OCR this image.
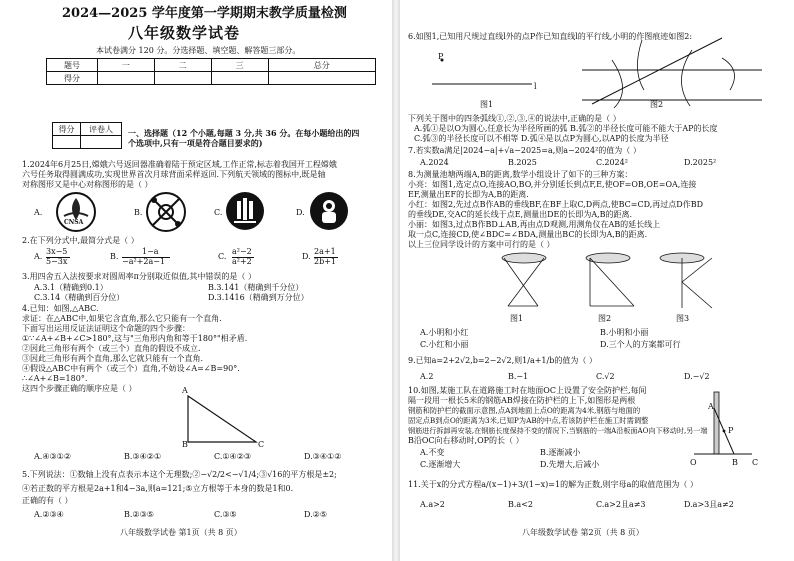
2024—2025 学年度第一学期期末教学质量检测
八年级数学试卷
本试卷满分 120 分。分选择题、填空题、解答题三部分。
题号	一	二	三	总分
得分				
得分	评卷人
	一、选择题（12 个小题,每题 3 分,共 36 分。在每小题给出的四
个选项中,只有一项是符合题目要求的)
1.2024年6月25日,嫦娥六号返回器准确着陆于预定区域,工作正常,标志着我国开工程嫦娥
六号任务取得圆满成功,实现世界首次月球背面采样返回.下列航天领域的图标中,既是轴
对称图形又是中心对称图形的是（ ）
A.
CNSA
B.	C.	D.
2.在下列分式中,最简分式是（ ）
A.
3x−5
5−3x
B.
1−a
−a²+2a−1
C.
a²−2
a²+2
D.
2a+1
2b+1
3.用四舍五入法按要求对圆周率π分别取近似值,其中错误的是（ ）
A.3.1（精确到0.1）	B.3.141（精确到千分位）
C.3.14（精确到百分位）	D.3.1416（精确到万分位）
4.已知：如图,△ABC.
求证：在△ABC中,如果它含直角,那么它只能有一个直角.
下面写出运用反证法证明这个命题的四个步骤：
①∵∠A+∠B+∠C>180°,这与"三角形内角和等于180°"相矛盾.
②因此三角形有两个（或三个）直角的假设不成立.
③因此三角形有两个直角,那么它就只能有一个直角.
④假设△ABC中有两个（或三个）直角,不妨设∠A=∠B=90°.
∴∠A+∠B=180°.
这四个步骤正确的顺序应是（ ）	A
B	C
A.④③①②	B.③④②①	C.①④②③	D.③④①②
5.下列说法：①数轴上没有点表示本这个无理数;②−√2/2<−√1/4;③√16的平方根是±2;
④若正数的平方根是2a+1和4−3a,则a=121;⑤立方根等于本身的数是1和0.
正确的有（ ）
A.②③④	B.②③⑤	C.③⑤	D.②⑤
八年级数学试卷 第1页（共 8 页）
6.如图1,已知用尺规过直线l外的点P作已知直线l的平行线,小明的作图痕迹如图2:
P
l
图1	图2
下列关于图中的四条弧线①,②,③,④的说法中,正确的是（ ）
A.弧①是以O为圆心,任意长为半径所画的弧 B.弧②的半径长度可能不能大于AP的长度
C.弧③的半径长度可以不相等 D.弧④是以点P为圆心,以AP的长度为半径
7.若实数a满足|2024−a|+√a−2025=a,则a−2024²的值为（ ）
A.2024	B.2025	C.2024²	D.2025²
8.为测量池塘两端A,B的距离,数学小组设计了如下的三种方案：
小亮：如图1,选定点O,连接AO,BO,并分别延长到点F,E,使OF=OB,OE=OA,连接
EF,测量出EF的长即为A,B的距离.
小红：如图2,先过点B作AB的垂线BF,在BF上取C,D两点,使BC=CD,再过点D作BD
的垂线DE,交AC的延长线于点E,测量出DE的长即为A,B的距离.
小丽：如图3,过点B作BD⊥AB,再由点D观测,用测角仪在AB的延长线上
取一点C,连接CD,使∠BDC=∠BDA,测量出BC的长即为A,B的距离.
以上三位同学设计的方案中可行的是（ ）
图1	图2	图3
A.小明和小红	B.小明和小丽
C.小红和小丽	D.三个人的方案都可行
9.已知a=2+2√2,b=2−2√2,则1/a+1/b的值为（ ）
A.2	B.−1	C.√2	D.−√2
10.如图,某施工队在道路施工时在地面OC上设置了安全防护栏,每间
隔一段用一根长5米的钢筋AB焊接在防护栏的上下,如图形是两根
钢筋和防护栏的截面示意图,点A到地面上点O的距离为4米,钢筋与地面的
固定点B到点O的距离为3米,已知P为AB的中点,若该防护栏在施工时需调整
钢筋进行拆卸再安装,在钢筋长度保持不变的情况下,当钢筋的一端A沿板面AO向下移动时,另一端
B沿OC向右移动时,OP的长（ ）
A
P
O	B C
A.不变	B.逐渐减小
C.逐渐增大	D.先增大,后减小
11.关于x的分式方程a/(x−1)+3/(1−x)=1的解为正数,则字母a的取值范围为（ ）
A.a>2	B.a<2	C.a>2且a≠3	D.a>3且a≠2
八年级数学试卷 第2页（共 8 页）
